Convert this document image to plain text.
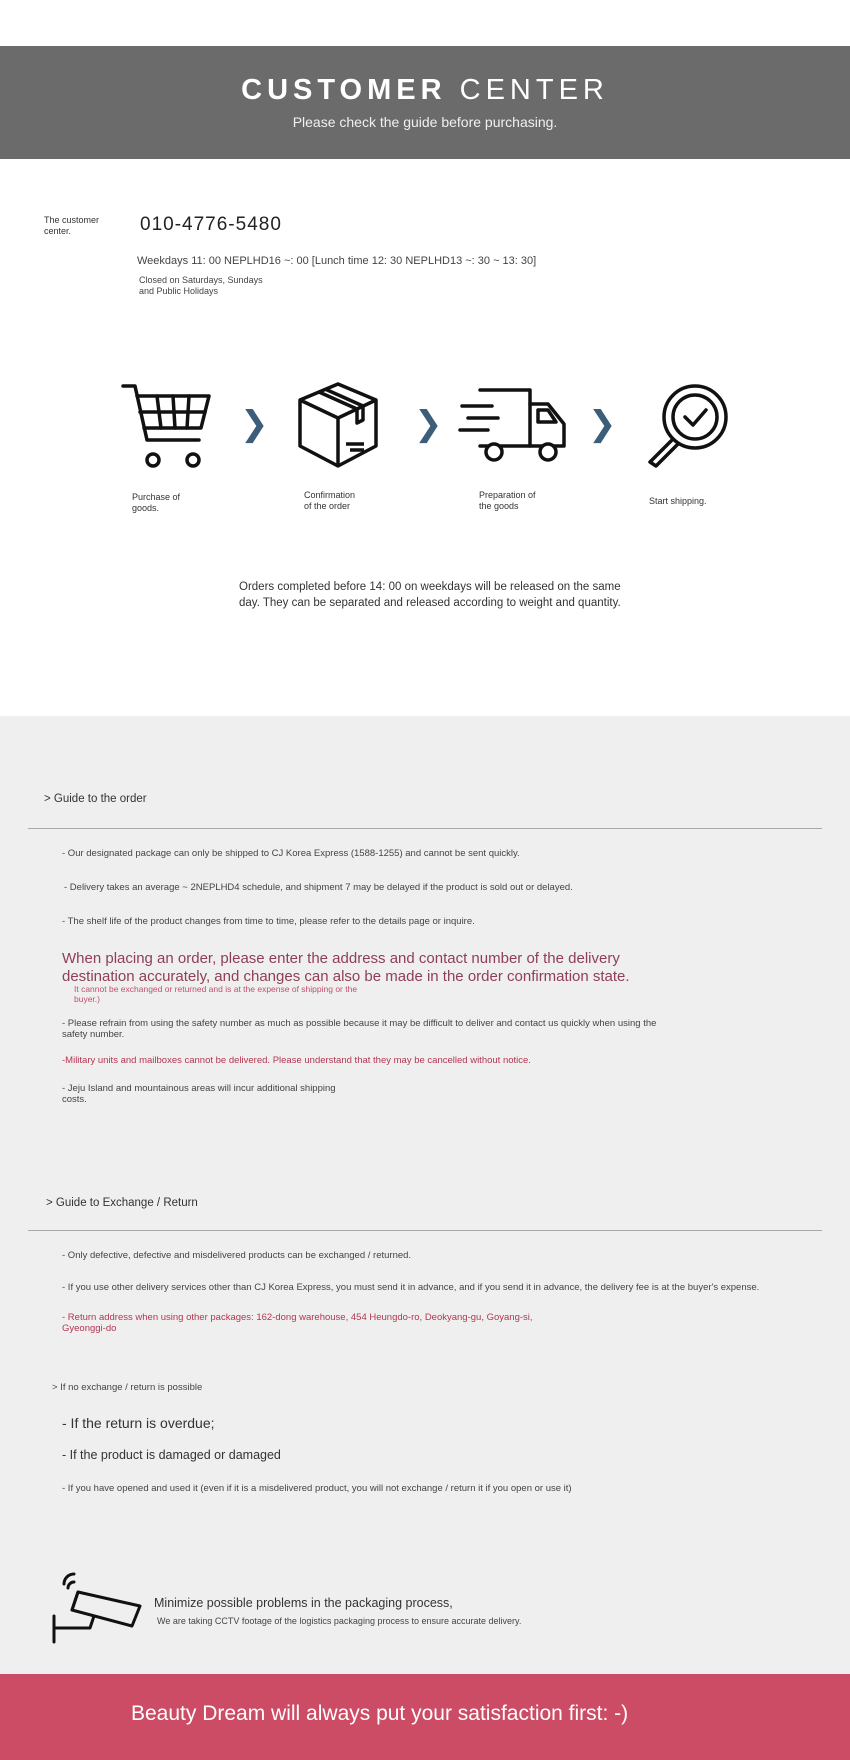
CUSTOMER CENTER
Please check the guide before purchasing.
The customer center.	010-4776-5480
Weekdays 11: 00 NEPLHD16 ~: 00 [Lunch time 12: 30 NEPLHD13 ~: 30 ~ 13: 30]
Closed on Saturdays, Sundays
and Public Holidays
Purchase of
goods.
❯
Confirmation
of the order
❯
Preparation of
the goods
❯
Start shipping.
Orders completed before 14: 00 on weekdays will be released on the same day. They can be separated and released according to weight and quantity.
> Guide to the order
- Our designated package can only be shipped to CJ Korea Express (1588-1255) and cannot be sent quickly.
- Delivery takes an average ~ 2NEPLHD4 schedule, and shipment 7 may be delayed if the product is sold out or delayed.
- The shelf life of the product changes from time to time, please refer to the details page or inquire.
When placing an order, please enter the address and contact number of the delivery
destination accurately, and changes can also be made in the order confirmation state.
It cannot be exchanged or returned and is at the expense of shipping or the
buyer.)
- Please refrain from using the safety number as much as possible because it may be difficult to deliver and contact us quickly when using the
safety number.
-Military units and mailboxes cannot be delivered. Please understand that they may be cancelled without notice.
- Jeju Island and mountainous areas will incur additional shipping
costs.
> Guide to Exchange / Return
- Only defective, defective and misdelivered products can be exchanged / returned.
- If you use other delivery services other than CJ Korea Express, you must send it in advance, and if you send it in advance, the delivery fee is at the buyer's expense.
- Return address when using other packages: 162-dong warehouse, 454 Heungdo-ro, Deokyang-gu, Goyang-si,
Gyeonggi-do
> If no exchange / return is possible
- If the return is overdue;
- If the product is damaged or damaged
- If you have opened and used it (even if it is a misdelivered product, you will not exchange / return it if you open or use it)
Minimize possible problems in the packaging process,
We are taking CCTV footage of the logistics packaging process to ensure accurate delivery.
Beauty Dream will always put your satisfaction first: -)
